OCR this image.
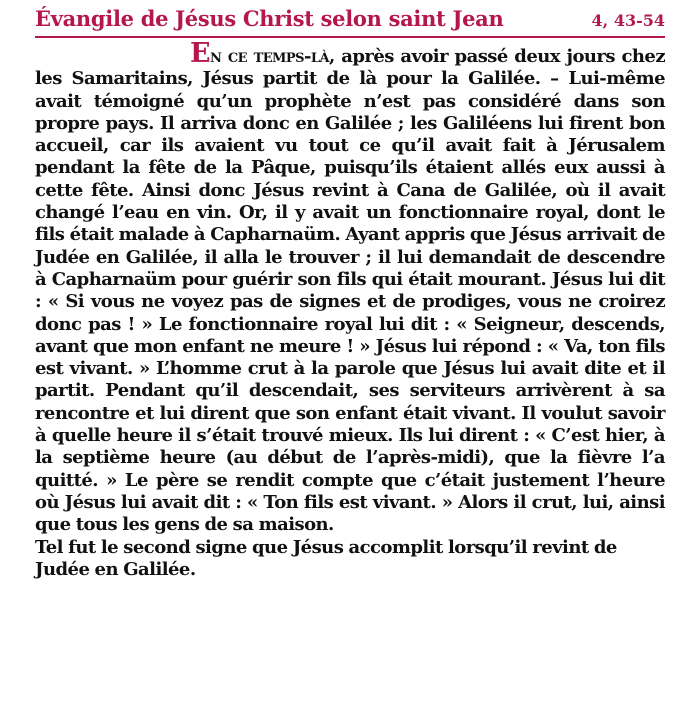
Évangile de Jésus Christ selon saint Jean	4, 43-54

En ce temps-là, après avoir passé deux jours chez les Samaritains, Jésus partit de là pour la Galilée. – Lui-même avait témoigné qu’un prophète n’est pas considéré dans son propre pays. Il arriva donc en Galilée ; les Galiléens lui firent bon accueil, car ils avaient vu tout ce qu’il avait fait à Jérusalem pendant la fête de la Pâque, puisqu’ils étaient allés eux aussi à cette fête. Ainsi donc Jésus revint à Cana de Galilée, où il avait changé l’eau en vin. Or, il y avait un fonctionnaire royal, dont le fils était malade à Capharnaüm. Ayant appris que Jésus arrivait de Judée en Galilée, il alla le trouver ; il lui demandait de descendre à Capharnaüm pour guérir son fils qui était mourant. Jésus lui dit : « Si vous ne voyez pas de signes et de prodiges, vous ne croirez donc pas ! » Le fonctionnaire royal lui dit : « Seigneur, descends, avant que mon enfant ne meure ! » Jésus lui répond : « Va, ton fils est vivant. » L’homme crut à la parole que Jésus lui avait dite et il partit. Pendant qu’il descendait, ses serviteurs arrivèrent à sa rencontre et lui dirent que son enfant était vivant. Il voulut savoir à quelle heure il s’était trouvé mieux. Ils lui dirent : « C’est hier, à la septième heure (au début de l’après-midi), que la fièvre l’a quitté. » Le père se rendit compte que c’était justement l’heure où Jésus lui avait dit : « Ton fils est vivant. » Alors il crut, lui, ainsi que tous les gens de sa maison.

Tel fut le second signe que Jésus accomplit lorsqu’il revint de Judée en Galilée.
